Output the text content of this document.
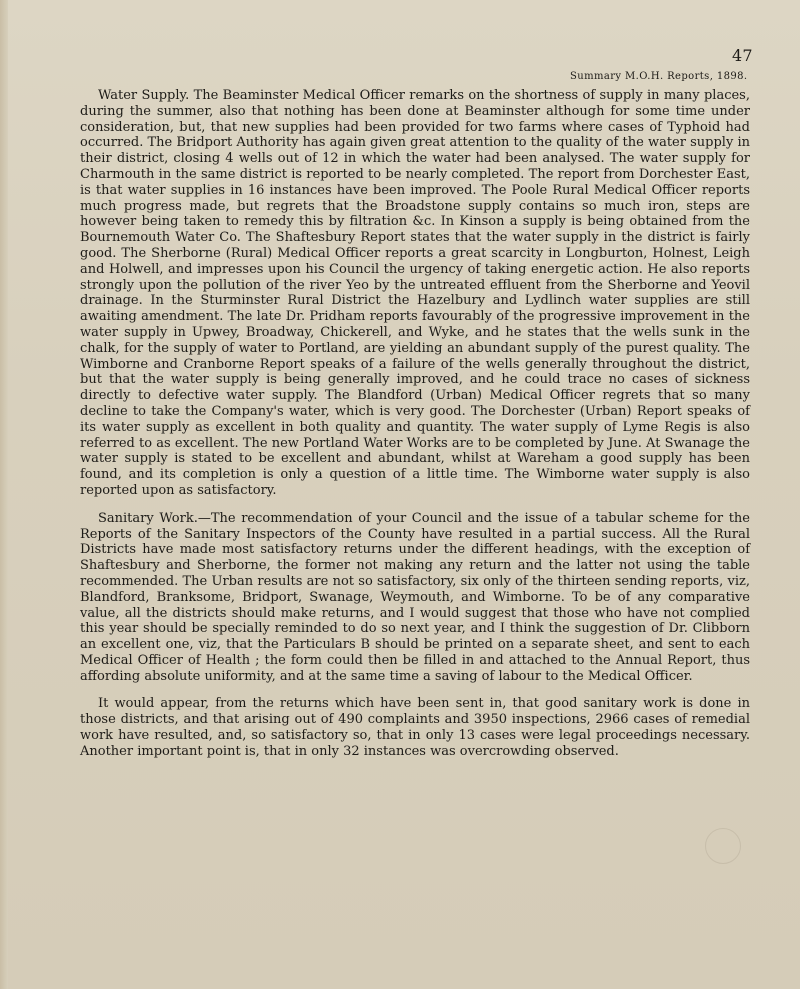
47
Summary M.O.H. Reports, 1898.

Water Supply. The Beaminster Medical Officer remarks on the shortness of supply in many places, during the summer, also that nothing has been done at Beaminster although for some time under consideration, but, that new supplies had been provided for two farms where cases of Typhoid had occurred. The Bridport Authority has again given great attention to the quality of the water supply in their district, closing 4 wells out of 12 in which the water had been analysed. The water supply for Charmouth in the same district is reported to be nearly completed. The report from Dorchester East, is that water supplies in 16 instances have been improved. The Poole Rural Medical Officer reports much progress made, but regrets that the Broadstone supply contains so much iron, steps are however being taken to remedy this by filtration &c. In Kinson a supply is being obtained from the Bournemouth Water Co. The Shaftesbury Report states that the water supply in the district is fairly good. The Sherborne (Rural) Medical Officer reports a great scarcity in Longburton, Holnest, Leigh and Holwell, and impresses upon his Council the urgency of taking energetic action. He also reports strongly upon the pollution of the river Yeo by the untreated effluent from the Sherborne and Yeovil drainage. In the Sturminster Rural District the Hazelbury and Lydlinch water supplies are still awaiting amendment. The late Dr. Pridham reports favourably of the progressive improvement in the water supply in Upwey, Broadway, Chickerell, and Wyke, and he states that the wells sunk in the chalk, for the supply of water to Portland, are yielding an abundant supply of the purest quality. The Wimborne and Cranborne Report speaks of a failure of the wells generally throughout the district, but that the water supply is being generally improved, and he could trace no cases of sickness directly to defective water supply. The Blandford (Urban) Medical Officer regrets that so many decline to take the Company's water, which is very good. The Dorchester (Urban) Report speaks of its water supply as excellent in both quality and quantity. The water supply of Lyme Regis is also referred to as excellent. The new Portland Water Works are to be completed by June. At Swanage the water supply is stated to be excellent and abundant, whilst at Wareham a good supply has been found, and its completion is only a question of a little time. The Wimborne water supply is also reported upon as satisfactory.

Sanitary Work.—The recommendation of your Council and the issue of a tabular scheme for the Reports of the Sanitary Inspectors of the County have resulted in a partial success. All the Rural Districts have made most satisfactory returns under the different headings, with the exception of Shaftesbury and Sherborne, the former not making any return and the latter not using the table recommended. The Urban results are not so satisfactory, six only of the thirteen sending reports, viz, Blandford, Branksome, Bridport, Swanage, Weymouth, and Wimborne. To be of any comparative value, all the districts should make returns, and I would suggest that those who have not complied this year should be specially reminded to do so next year, and I think the suggestion of Dr. Clibborn an excellent one, viz, that the Particulars B should be printed on a separate sheet, and sent to each Medical Officer of Health ; the form could then be filled in and attached to the Annual Report, thus affording absolute uniformity, and at the same time a saving of labour to the Medical Officer.

It would appear, from the returns which have been sent in, that good sanitary work is done in those districts, and that arising out of 490 complaints and 3950 inspections, 2966 cases of remedial work have resulted, and, so satisfactory so, that in only 13 cases were legal proceedings necessary. Another important point is, that in only 32 instances was overcrowding observed.
